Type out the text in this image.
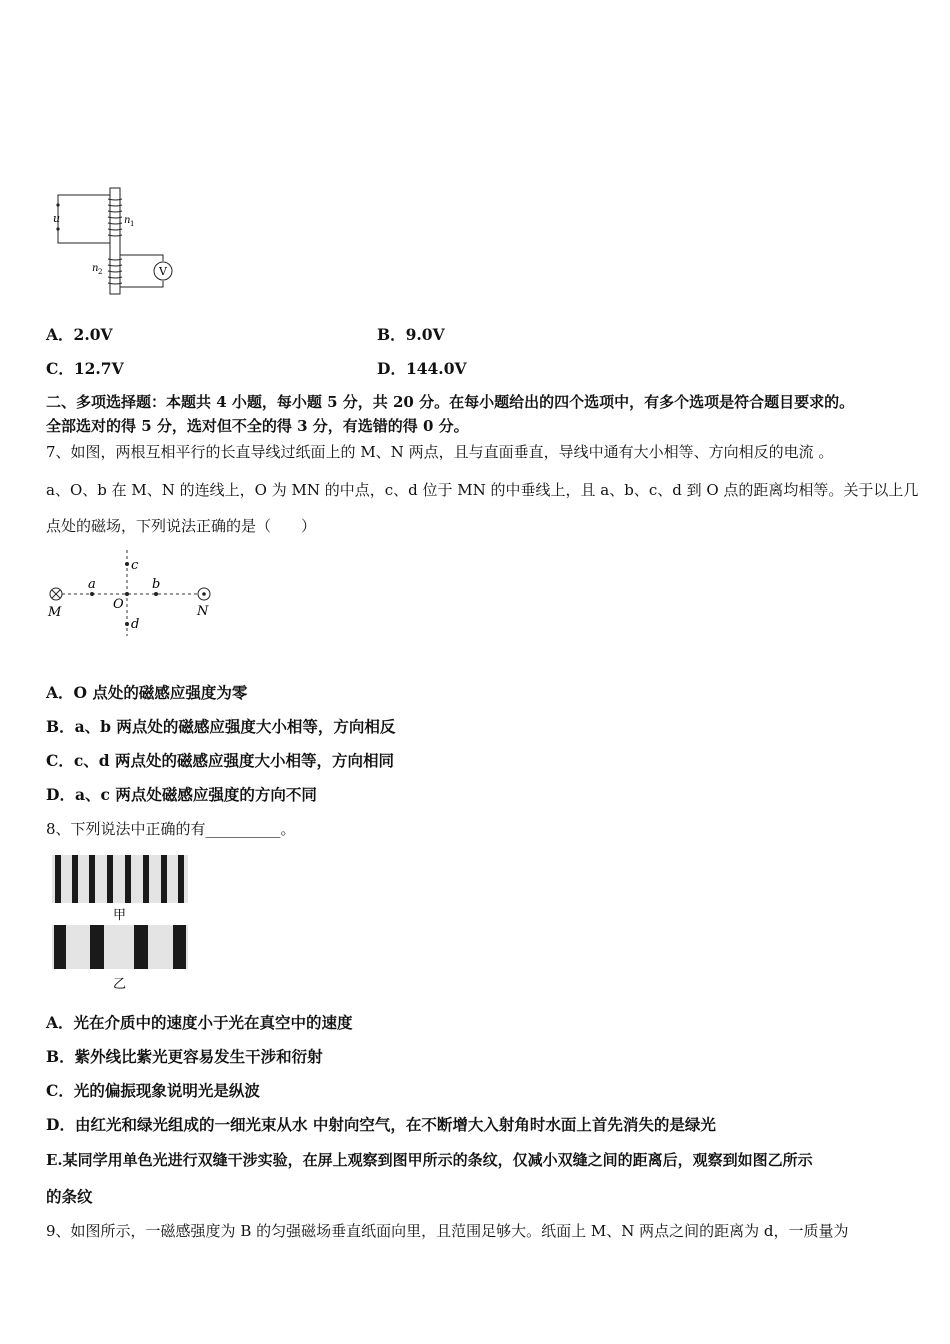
V
u	n 1
n 2
A．2.0V	B．9.0V
C．12.7V	D．144.0V
二、多项选择题：本题共 4 小题，每小题 5 分，共 20 分。在每小题给出的四个选项中，有多个选项是符合题目要求的。
全部选对的得 5 分，选对但不全的得 3 分，有选错的得 0 分。
7、如图，两根互相平行的长直导线过纸面上的 M、N 两点，且与直面垂直，导线中通有大小相等、方向相反的电流 。
a、O、b 在 M、N 的连线上，O 为 MN 的中点，c、d 位于 MN 的中垂线上，且 a、b、c、d 到 O 点的距离均相等。关于以上几
点处的磁场，下列说法正确的是（　　）
M	N
a	b
c
d
O
A．O 点处的磁感应强度为零
B．a、b 两点处的磁感应强度大小相等，方向相反
C．c、d 两点处的磁感应强度大小相等，方向相同
D．a、c 两点处磁感应强度的方向不同
8、下列说法中正确的有__________。
甲
乙
A．光在介质中的速度小于光在真空中的速度
B．紫外线比紫光更容易发生干涉和衍射
C．光的偏振现象说明光是纵波
D．由红光和绿光组成的一细光束从水 中射向空气，在不断增大入射角时水面上首先消失的是绿光
E.某同学用单色光进行双缝干涉实验，在屏上观察到图甲所示的条纹，仅减小双缝之间的距离后，观察到如图乙所示
的条纹
9、如图所示，一磁感强度为 B 的匀强磁场垂直纸面向里，且范围足够大。纸面上 M、N 两点之间的距离为 d，一质量为
